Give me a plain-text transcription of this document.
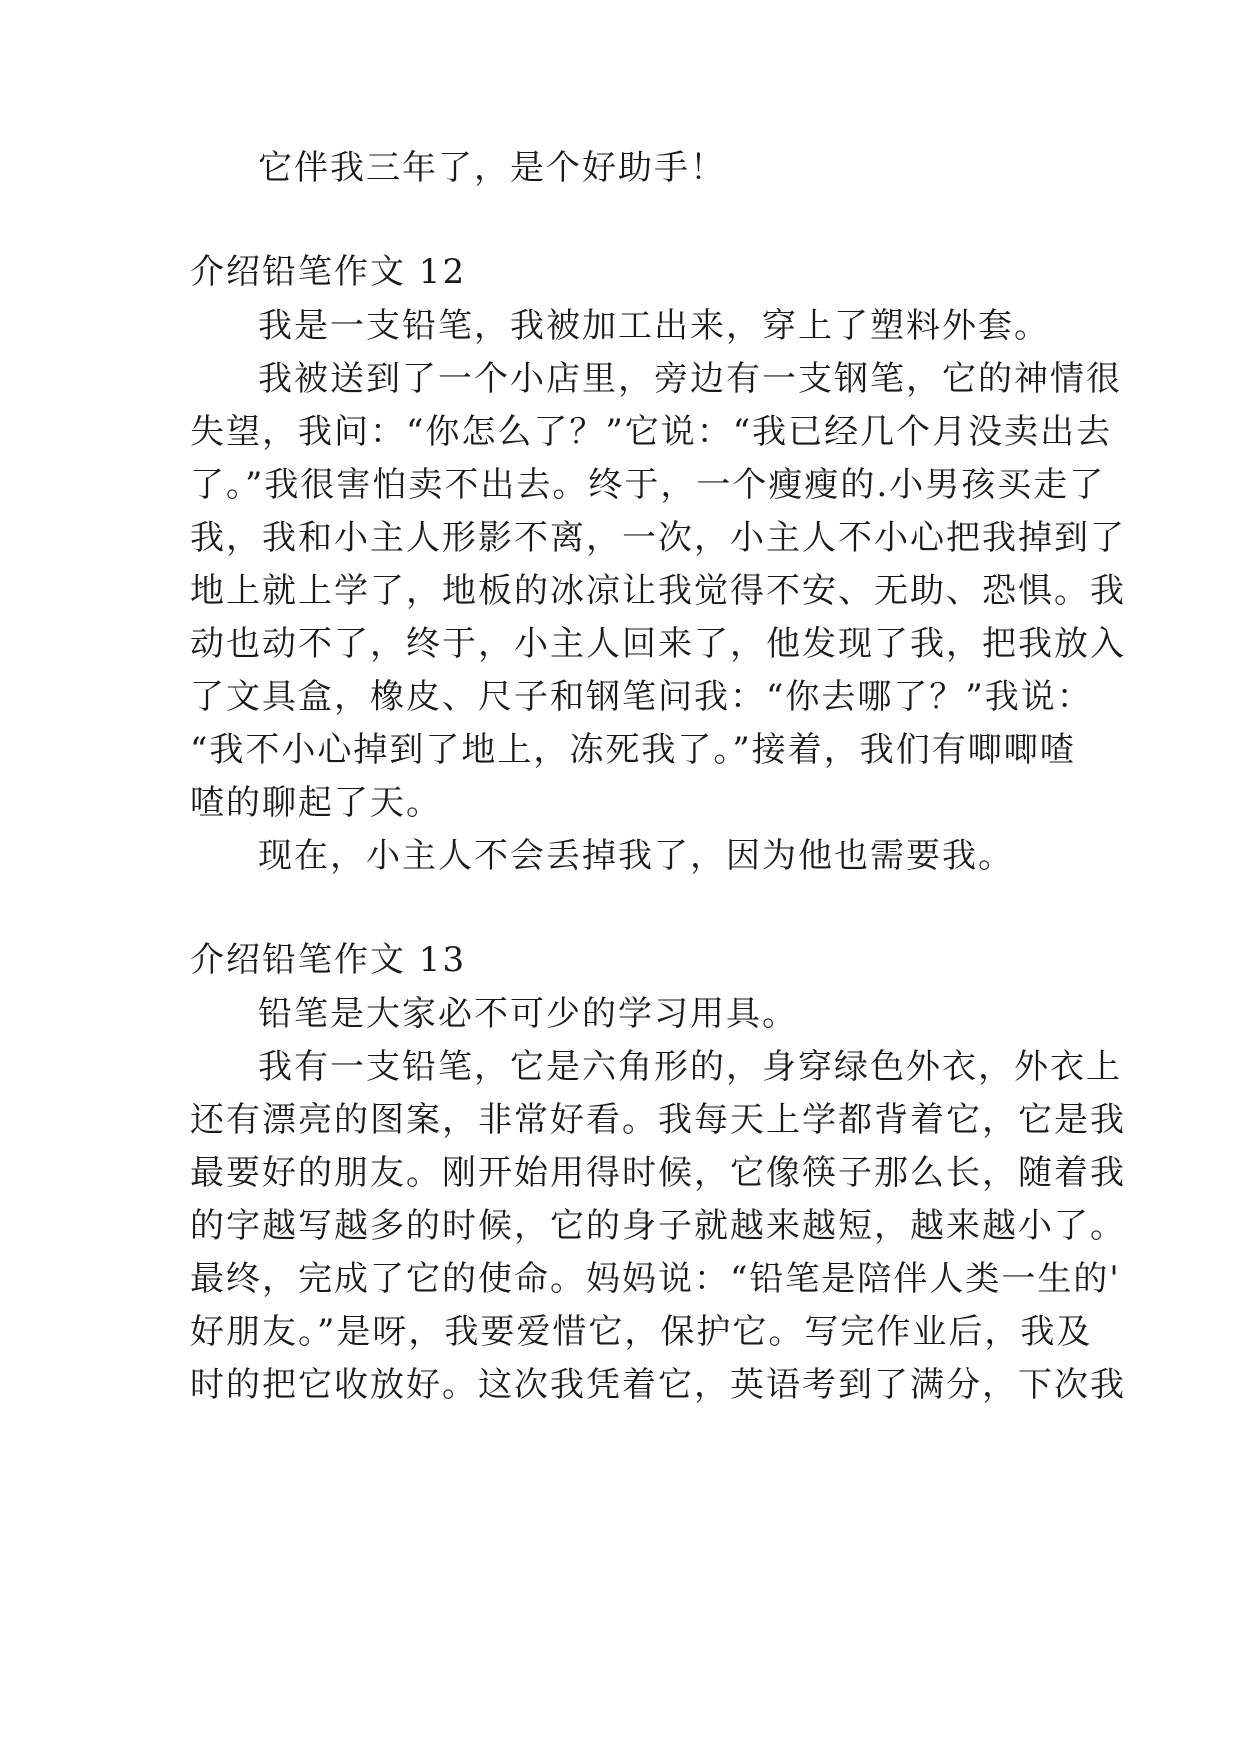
它伴我三年了，是个好助手！
介绍铅笔作文 12
我是一支铅笔，我被加工出来，穿上了塑料外套。
我被送到了一个小店里，旁边有一支钢笔，它的神情很
失望，我问：“你怎么了？”它说：“我已经几个月没卖出去
了。”我很害怕卖不出去。终于，一个瘦瘦的.小男孩买走了
我，我和小主人形影不离，一次，小主人不小心把我掉到了
地上就上学了，地板的冰凉让我觉得不安、无助、恐惧。我
动也动不了，终于，小主人回来了，他发现了我，把我放入
了文具盒，橡皮、尺子和钢笔问我：“你去哪了？”我说：
“我不小心掉到了地上，冻死我了。”接着，我们有唧唧喳
喳的聊起了天。
现在，小主人不会丢掉我了，因为他也需要我。
介绍铅笔作文 13
铅笔是大家必不可少的学习用具。
我有一支铅笔，它是六角形的，身穿绿色外衣，外衣上
还有漂亮的图案，非常好看。我每天上学都背着它，它是我
最要好的朋友。刚开始用得时候，它像筷子那么长，随着我
的字越写越多的时候，它的身子就越来越短，越来越小了。
最终，完成了它的使命。妈妈说：“铅笔是陪伴人类一生的'
好朋友。”是呀，我要爱惜它，保护它。写完作业后，我及
时的把它收放好。这次我凭着它，英语考到了满分，下次我
